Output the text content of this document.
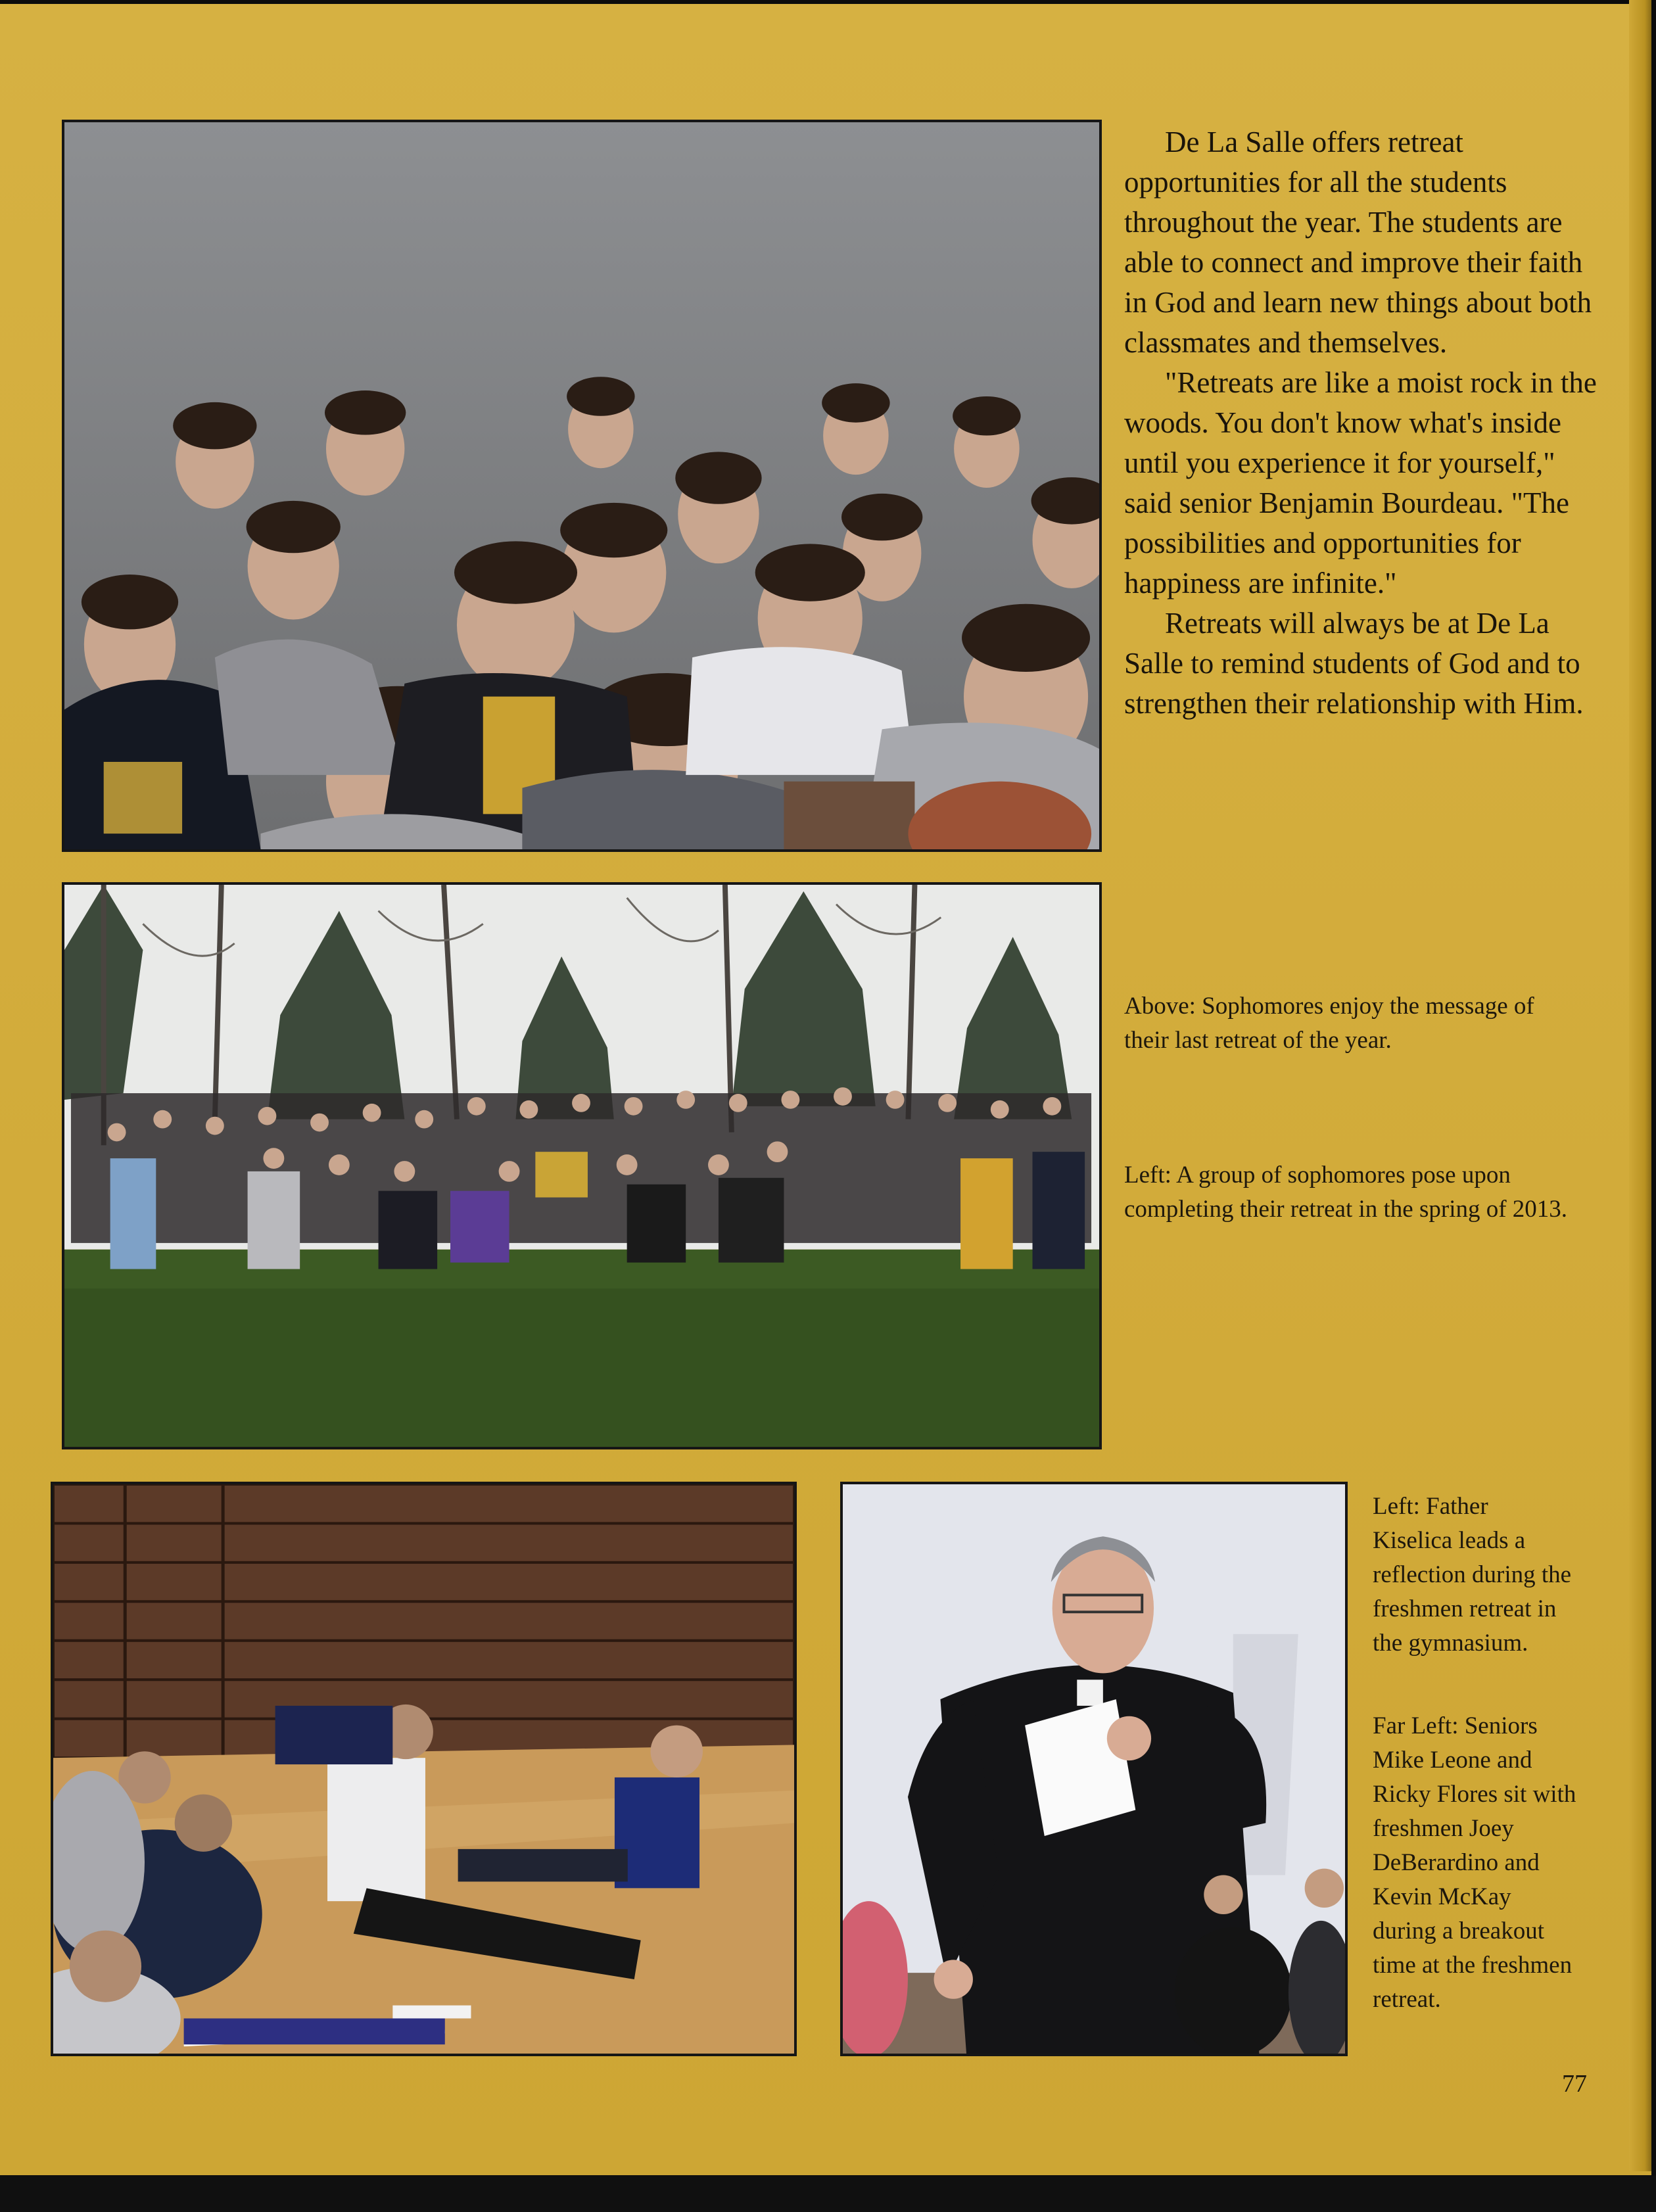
De La Salle offers retreat opportunities for all the students throughout the year. The students are able to connect and improve their faith in God and learn new things about both classmates and themselves.

"Retreats are like a moist rock in the woods. You don't know what's inside until you experience it for yourself," said senior Benjamin Bourdeau. "The possibilities and opportunities for happiness are infinite."

Retreats will always be at De La Salle to remind students of God and to strengthen their relationship with Him.

Above: Sophomores enjoy the message of their last retreat of the year.

Left: A group of sophomores pose upon completing their retreat in the spring of 2013.

Left: Father Kiselica leads a reflection during the freshmen retreat in the gymnasium.

Far Left: Seniors Mike Leone and Ricky Flores sit with freshmen Joey DeBerardino and Kevin McKay during a breakout time at the freshmen retreat.

77
